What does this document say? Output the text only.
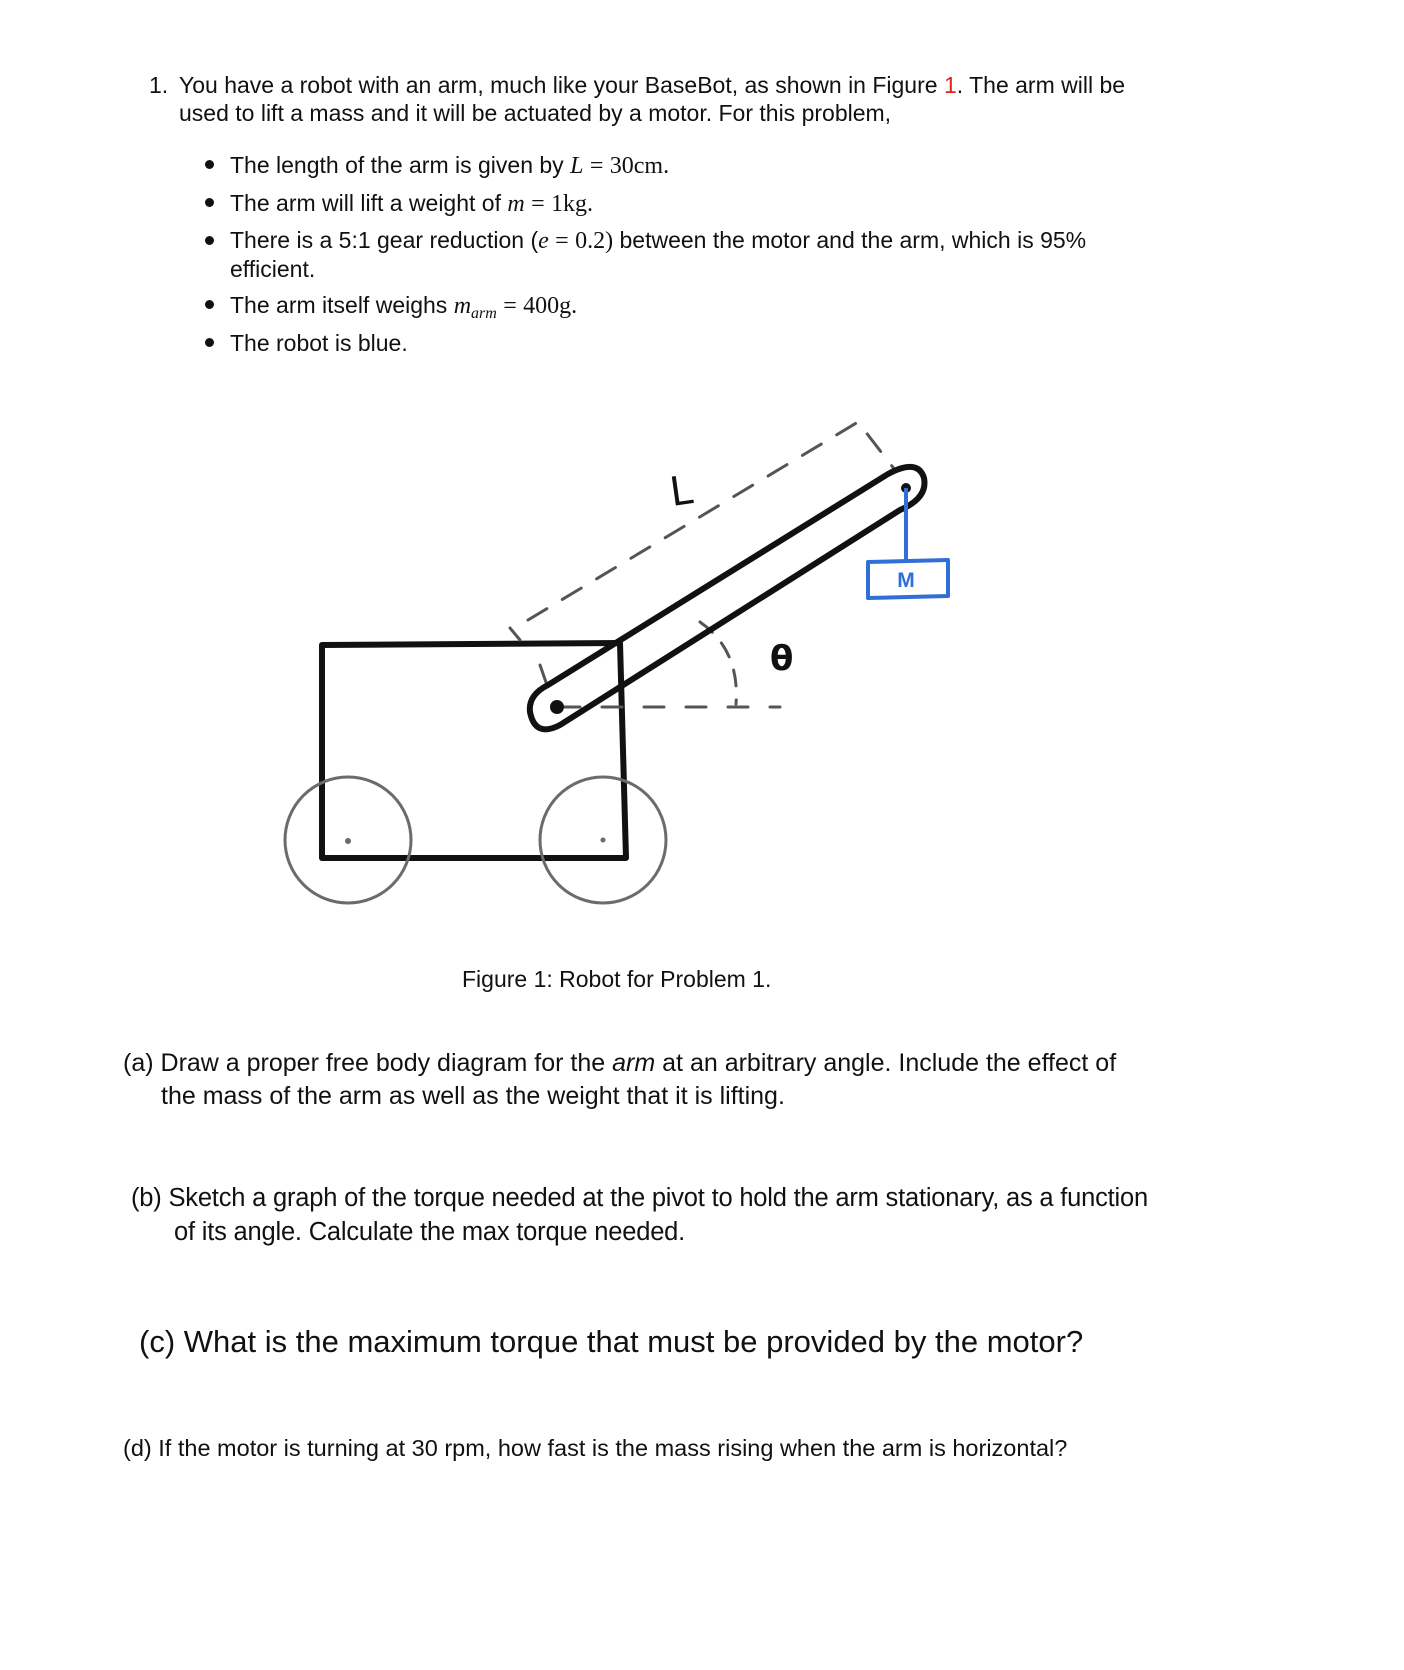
1. You have a robot with an arm, much like your BaseBot, as shown in Figure 1. The arm will be
used to lift a mass and it will be actuated by a motor. For this problem,
The length of the arm is given by L = 30cm.
The arm will lift a weight of m = 1kg.
There is a 5:1 gear reduction (e = 0.2) between the motor and the arm, which is 95%
efficient.
The arm itself weighs $m_{arm} = 400g$.
The robot is blue.
M
L
θ
Figure 1: Robot for Problem 1.
(a) Draw a proper free body diagram for the arm at an arbitrary angle. Include the effect of
the mass of the arm as well as the weight that it is lifting.
(b) Sketch a graph of the torque needed at the pivot to hold the arm stationary, as a function
of its angle. Calculate the max torque needed.
(c) What is the maximum torque that must be provided by the motor?
(d) If the motor is turning at 30 rpm, how fast is the mass rising when the arm is horizontal?
